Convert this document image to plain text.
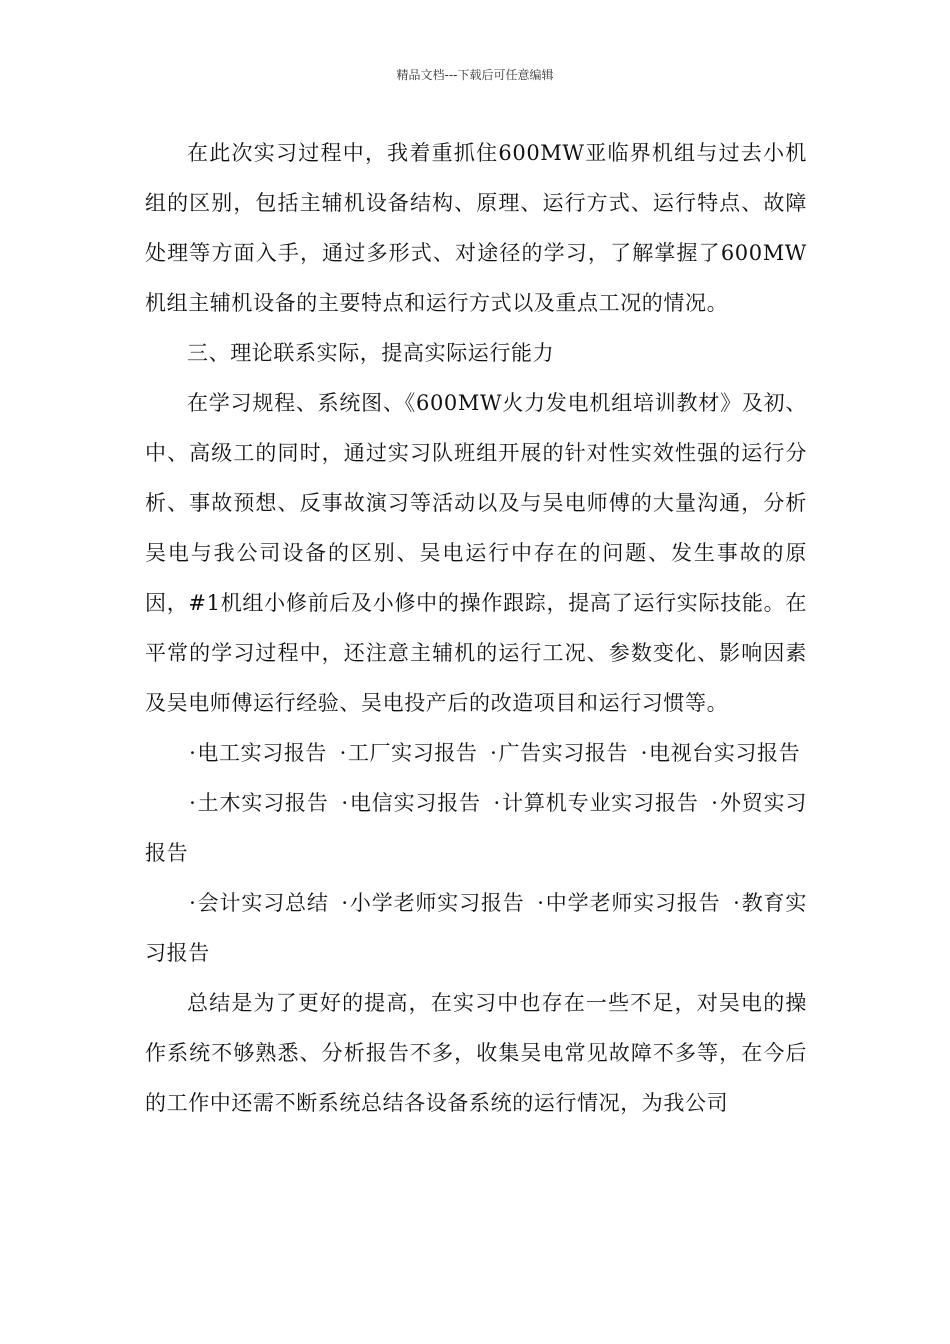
精品文档---下载后可任意编辑

在此次实习过程中，我着重抓住600MW亚临界机组与过去小机组的区别，包括主辅机设备结构、原理、运行方式、运行特点、故障处理等方面入手，通过多形式、对途径的学习，了解掌握了600MW机组主辅机设备的主要特点和运行方式以及重点工况的情况。

三、理论联系实际，提高实际运行能力

在学习规程、系统图、《600MW火力发电机组培训教材》及初、中、高级工的同时，通过实习队班组开展的针对性实效性强的运行分析、事故预想、反事故演习等活动以及与吴电师傅的大量沟通，分析吴电与我公司设备的区别、吴电运行中存在的问题、发生事故的原因，#1机组小修前后及小修中的操作跟踪，提高了运行实际技能。在平常的学习过程中，还注意主辅机的运行工况、参数变化、影响因素及吴电师傅运行经验、吴电投产后的改造项目和运行习惯等。

·电工实习报告 ·工厂实习报告 ·广告实习报告 ·电视台实习报告

·土木实习报告 ·电信实习报告 ·计算机专业实习报告 ·外贸实习报告

·会计实习总结 ·小学老师实习报告 ·中学老师实习报告 ·教育实习报告

总结是为了更好的提高，在实习中也存在一些不足，对吴电的操作系统不够熟悉、分析报告不多，收集吴电常见故障不多等，在今后的工作中还需不断系统总结各设备系统的运行情况，为我公司
